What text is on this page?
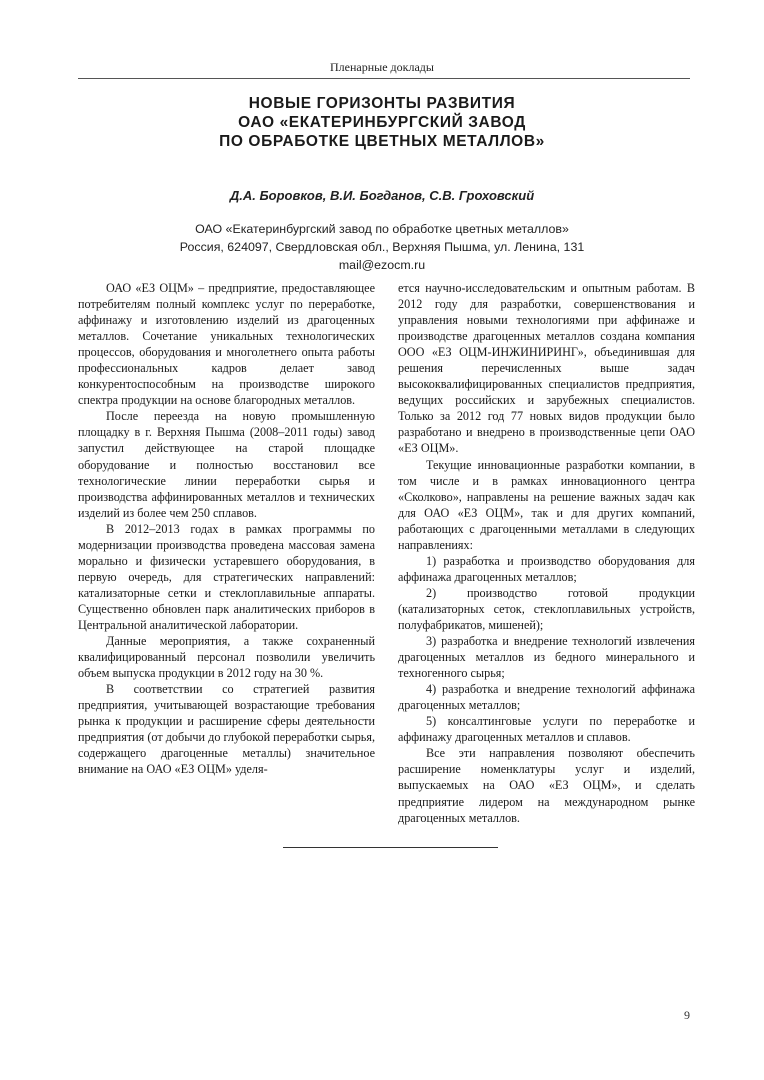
Пленарные доклады
НОВЫЕ ГОРИЗОНТЫ РАЗВИТИЯ
ОАО «ЕКАТЕРИНБУРГСКИЙ ЗАВОД
ПО ОБРАБОТКЕ ЦВЕТНЫХ МЕТАЛЛОВ»
Д.А. Боровков, В.И. Богданов, С.В. Гроховский
ОАО «Екатеринбургский завод по обработке цветных металлов»
Россия, 624097, Свердловская обл., Верхняя Пышма, ул. Ленина, 131
mail@ezocm.ru

ОАО «ЕЗ ОЦМ» – предприятие, предоставляющее потребителям полный комплекс услуг по переработке, аффинажу и изготовлению изделий из драгоценных металлов. Сочетание уникальных технологических процессов, оборудования и многолетнего опыта работы профессиональных кадров делает завод конкурентоспособным на производстве широкого спектра продукции на основе благородных металлов.

После переезда на новую промышленную площадку в г. Верхняя Пышма (2008–2011 годы) завод запустил действующее на старой площадке оборудование и полностью восстановил все технологические линии переработки сырья и производства аффинированных металлов и технических изделий из более чем 250 сплавов.

В 2012–2013 годах в рамках программы по модернизации производства проведена массовая замена морально и физически устаревшего оборудования, в первую очередь, для стратегических направлений: катализаторные сетки и стеклоплавильные аппараты. Существенно обновлен парк аналитических приборов в Центральной аналитической лаборатории.

Данные мероприятия, а также сохраненный квалифицированный персонал позволили увеличить объем выпуска продукции в 2012 году на 30 %.

В соответствии со стратегией развития предприятия, учитывающей возрастающие требования рынка к продукции и расширение сферы деятельности предприятия (от добычи до глубокой переработки сырья, содержащего драгоценные металлы) значительное внимание на ОАО «ЕЗ ОЦМ» уделя-

ется научно-исследовательским и опытным работам. В 2012 году для разработки, совершенствования и управления новыми технологиями при аффинаже и производстве драгоценных металлов создана компания ООО «ЕЗ ОЦМ-ИНЖИНИРИНГ», объединившая для решения перечисленных выше задач высококвалифицированных специалистов предприятия, ведущих российских и зарубежных специалистов. Только за 2012 год 77 новых видов продукции было разработано и внедрено в производственные цепи ОАО «ЕЗ ОЦМ».

Текущие инновационные разработки компании, в том числе и в рамках инновационного центра «Сколково», направлены на решение важных задач как для ОАО «ЕЗ ОЦМ», так и для других компаний, работающих с драгоценными металлами в следующих направлениях:

1) разработка и производство оборудования для аффинажа драгоценных металлов;

2) производство готовой продукции (катализаторных сеток, стеклоплавильных устройств, полуфабрикатов, мишеней);

3) разработка и внедрение технологий извлечения драгоценных металлов из бедного минерального и техногенного сырья;

4) разработка и внедрение технологий аффинажа драгоценных металлов;

5) консалтинговые услуги по переработке и аффинажу драгоценных металлов и сплавов.

Все эти направления позволяют обеспечить расширение номенклатуры услуг и изделий, выпускаемых на ОАО «ЕЗ ОЦМ», и сделать предприятие лидером на международном рынке драгоценных металлов.

9
